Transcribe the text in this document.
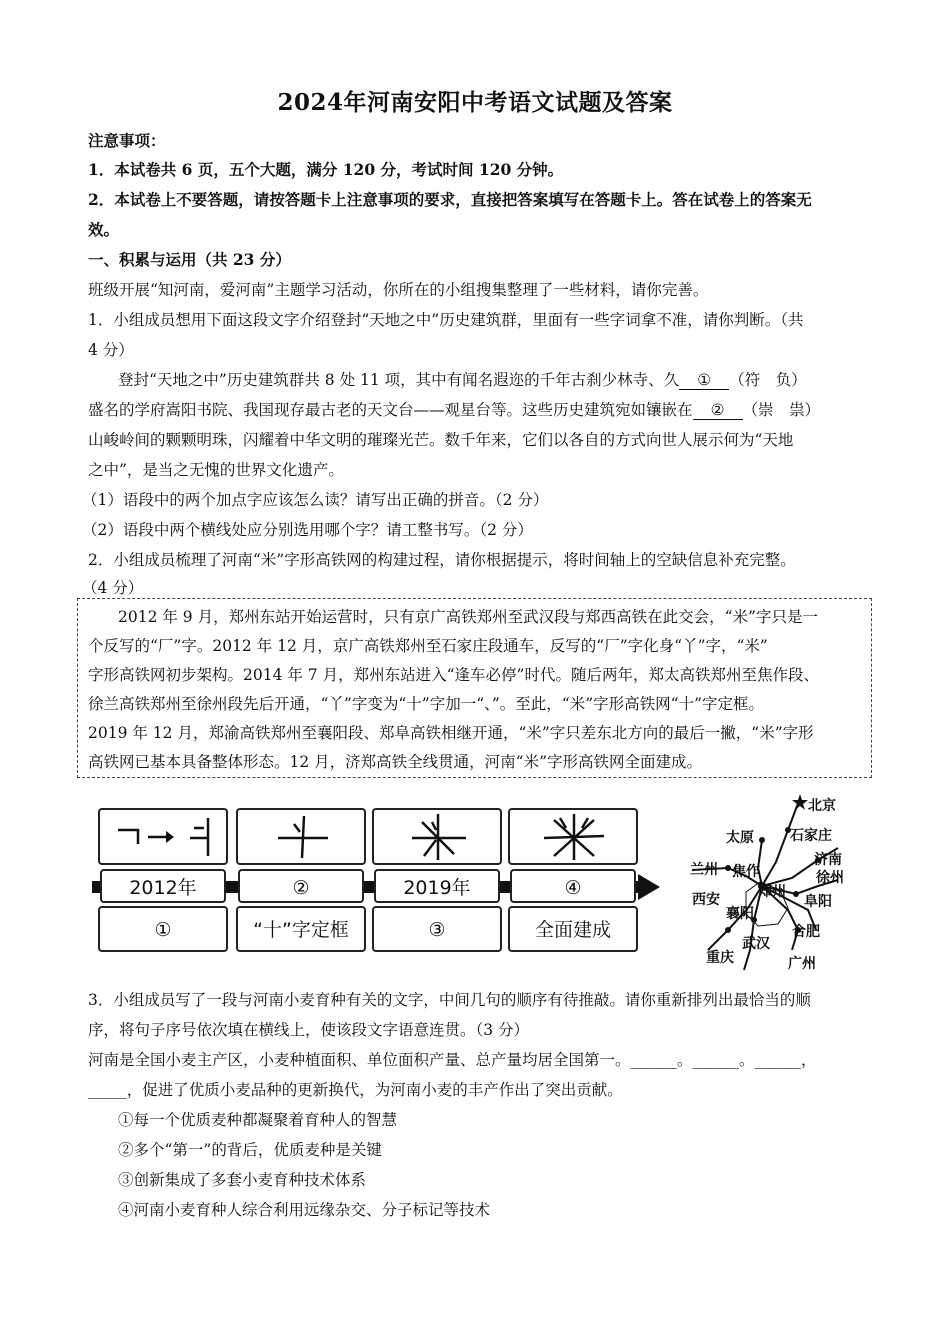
2024年河南安阳中考语文试题及答案
注意事项：
1．本试卷共 6 页，五个大题，满分 120 分，考试时间 120 分钟。
2．本试卷上不要答题，请按答题卡上注意事项的要求，直接把答案填写在答题卡上。答在试卷上的答案无
效。
一、积累与运用（共 23 分）
班级开展“知河南，爱河南”主题学习活动，你所在的小组搜集整理了一些材料，请你完善。
1．小组成员想用下面这段文字介绍登封“天地之中”历史建筑群，里面有一些字词拿不准，请你判断。（共
4 分）
登封“天地之中”历史建筑群共 8 处 11 项，其中有闻名遐迩的千年古刹少林寺、久 ① （符　负）
盛名的学府嵩阳书院、我国现存最古老的天文台——观星台等。这些历史建筑宛如镶嵌在 ② （崇　祟）
山峻岭间的颗颗明珠，闪耀着中华文明的璀璨光芒。数千年来，它们以各自的方式向世人展示何为“天地
之中”，是当之无愧的世界文化遗产。
（1）语段中的两个加点字应该怎么读？请写出正确的拼音。（2 分）
（2）语段中两个横线处应分别选用哪个字？请工整书写。（2 分）
2．小组成员梳理了河南“米”字形高铁网的构建过程，请你根据提示，将时间轴上的空缺信息补充完整。
（4 分）
2012 年 9 月，郑州东站开始运营时，只有京广高铁郑州至武汉段与郑西高铁在此交会，“米”字只是一
个反写的“厂”字。2012 年 12 月，京广高铁郑州至石家庄段通车，反写的“厂”字化身“丫”字，“米”
字形高铁网初步架构。2014 年 7 月，郑州东站进入“逢车必停”时代。随后两年，郑太高铁郑州至焦作段、
徐兰高铁郑州至徐州段先后开通，“丫”字变为“十”字加一“、”。至此，“米”字形高铁网“十”字定框。
2019 年 12 月，郑渝高铁郑州至襄阳段、郑阜高铁相继开通，“米”字只差东北方向的最后一撇，“米”字形
高铁网已基本具备整体形态。12 月，济郑高铁全线贯通，河南“米”字形高铁网全面建成。
2012年	②	2019年	④
①	“十”字定框	③	全面建成
北京
太原	石家庄
兰州 焦作
济南
徐州
西安	郑州
阜阳
襄阳
合肥
武汉
重庆	广州
3．小组成员写了一段与河南小麦育种有关的文字，中间几句的顺序有待推敲。请你重新排列出最恰当的顺
序，将句子序号依次填在横线上，使该段文字语意连贯。（3 分）
河南是全国小麦主产区，小麦种植面积、单位面积产量、总产量均居全国第一。______。______。______，
_____，促进了优质小麦品种的更新换代，为河南小麦的丰产作出了突出贡献。
①每一个优质麦种都凝聚着育种人的智慧
②多个“第一”的背后，优质麦种是关键
③创新集成了多套小麦育种技术体系
④河南小麦育种人综合利用远缘杂交、分子标记等技术
